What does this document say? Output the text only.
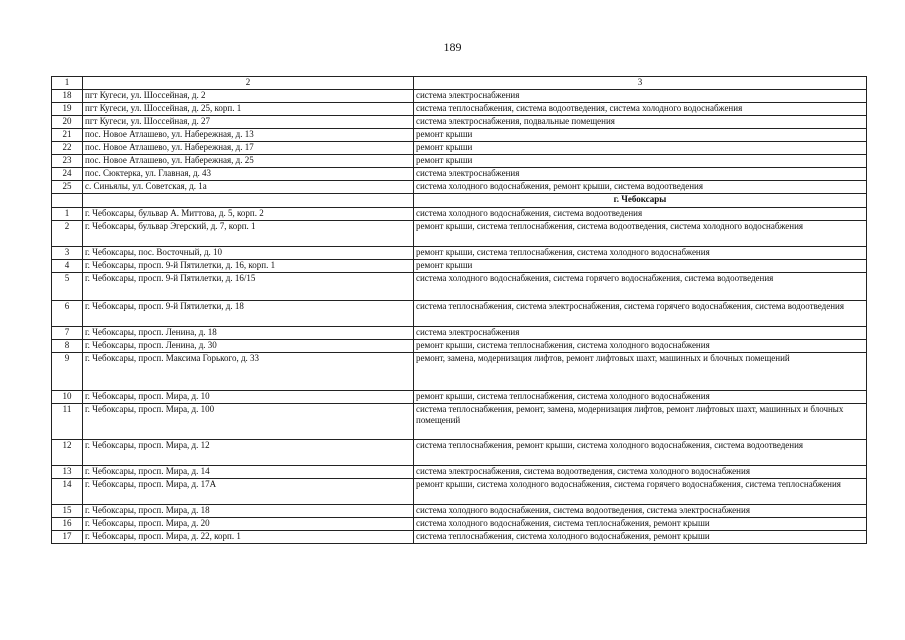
189
1	2	3
18	пгт Кугеси, ул. Шоссейная, д. 2	система электроснабжения
19	пгт Кугеси, ул. Шоссейная, д. 25, корп. 1	система теплоснабжения, система водоотведения, система холодного водоснабжения
20	пгт Кугеси, ул. Шоссейная, д. 27	система электроснабжения, подвальные помещения
21	пос. Новое Атлашево, ул. Набережная, д. 13	ремонт крыши
22	пос. Новое Атлашево, ул. Набережная, д. 17	ремонт крыши
23	пос. Новое Атлашево, ул. Набережная, д. 25	ремонт крыши
24	пос. Сюктерка, ул. Главная, д. 43	система электроснабжения
25	с. Синьялы, ул. Советская, д. 1а	система холодного водоснабжения, ремонт крыши, система водоотведения
		г. Чебоксары
1	г. Чебоксары, бульвар А. Миттова, д. 5, корп. 2	система холодного водоснабжения, система водоотведения
2	г. Чебоксары, бульвар Эгерский, д. 7, корп. 1	ремонт крыши, система теплоснабжения, система водоотведения, система холодного водоснабжения
3	г. Чебоксары, пос. Восточный, д. 10	ремонт крыши, система теплоснабжения, система холодного водоснабжения
4	г. Чебоксары, просп. 9-й Пятилетки, д. 16, корп. 1	ремонт крыши
5	г. Чебоксары, просп. 9-й Пятилетки, д. 16/15	система холодного водоснабжения, система горячего водоснабжения, система водоотведения
6	г. Чебоксары, просп. 9-й Пятилетки, д. 18	система теплоснабжения, система электроснабжения, система горячего водоснабжения, система водоотведения
7	г. Чебоксары, просп. Ленина, д. 18	система электроснабжения
8	г. Чебоксары, просп. Ленина, д. 30	ремонт крыши, система теплоснабжения, система холодного водоснабжения
9	г. Чебоксары, просп. Максима Горького, д. 33	ремонт, замена, модернизация лифтов, ремонт лифтовых шахт, машинных и блочных помещений
10	г. Чебоксары, просп. Мира, д. 10	ремонт крыши, система теплоснабжения, система холодного водоснабжения
11	г. Чебоксары, просп. Мира, д. 100	система теплоснабжения, ремонт, замена, модернизация лифтов, ремонт лифтовых шахт, машинных и блочных помещений
12	г. Чебоксары, просп. Мира, д. 12	система теплоснабжения, ремонт крыши, система холодного водоснабжения, система водоотведения
13	г. Чебоксары, просп. Мира, д. 14	система электроснабжения, система водоотведения, система холодного водоснабжения
14	г. Чебоксары, просп. Мира, д. 17А	ремонт крыши, система холодного водоснабжения, система горячего водоснабжения, система теплоснабжения
15	г. Чебоксары, просп. Мира, д. 18	система холодного водоснабжения, система водоотведения, система электроснабжения
16	г. Чебоксары, просп. Мира, д. 20	система холодного водоснабжения, система теплоснабжения, ремонт крыши
17	г. Чебоксары, просп. Мира, д. 22, корп. 1	система теплоснабжения, система холодного водоснабжения, ремонт крыши
